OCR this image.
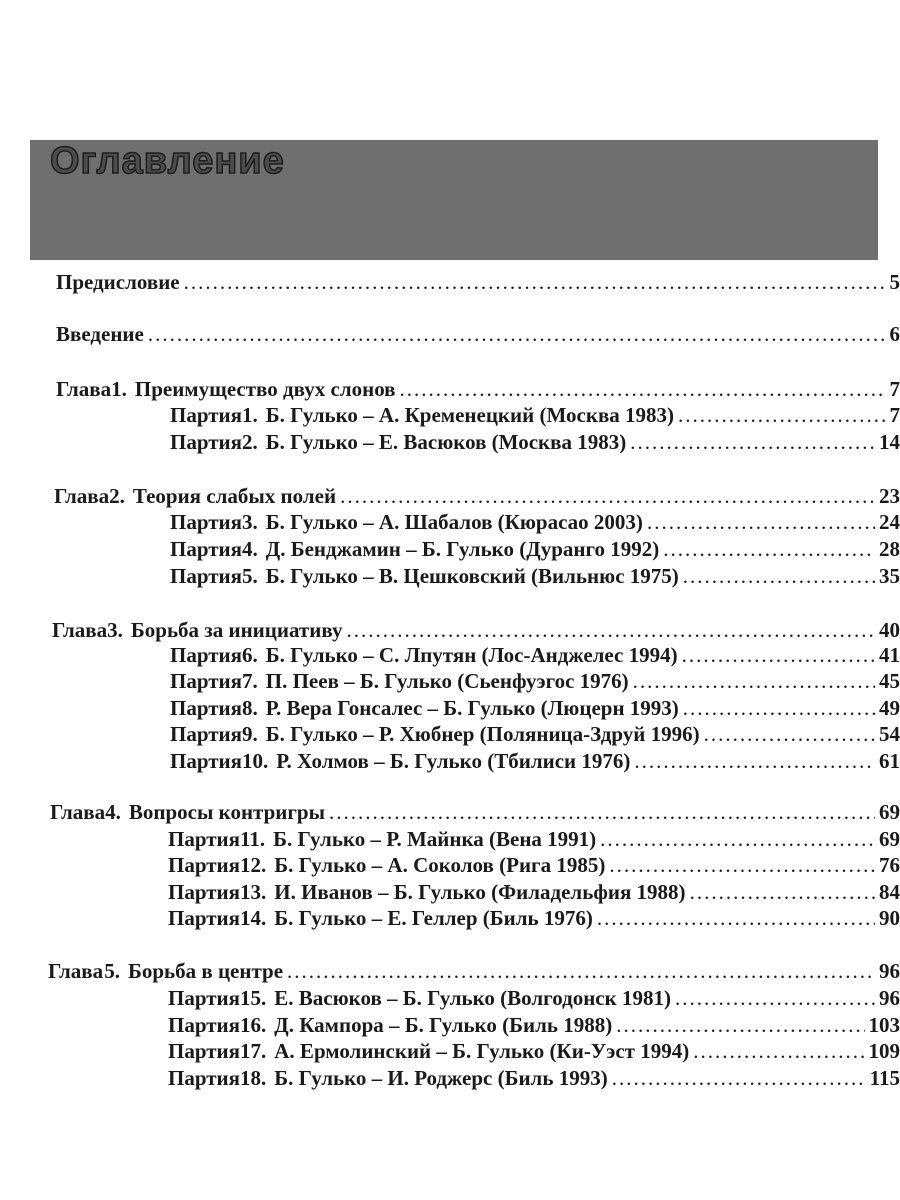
Оглавление
Предисловие .....	5
Введение .....	6
Глава 1. Преимущество двух слонов .....	7
Партия 1. Б. Гулько – А. Кременецкий (Москва 1983) .....	7
Партия 2. Б. Гулько – Е. Васюков (Москва 1983) .....	14
Глава 2. Теория слабых полей .....	23
Партия 3. Б. Гулько – А. Шабалов (Кюрасао 2003) .....	24
Партия 4. Д. Бенджамин – Б. Гулько (Дуранго 1992) .....	28
Партия 5. Б. Гулько – В. Цешковский (Вильнюс 1975) .....	35
Глава 3. Борьба за инициативу .....	40
Партия 6. Б. Гулько – С. Лпутян (Лос-Анджелес 1994) .....	41
Партия 7. П. Пеев – Б. Гулько (Сьенфуэгос 1976) .....	45
Партия 8. Р. Вера Гонсалес – Б. Гулько (Люцерн 1993) .....	49
Партия 9. Б. Гулько – Р. Хюбнер (Поляница-Здруй 1996) .....	54
Партия 10. Р. Холмов – Б. Гулько (Тбилиси 1976) .....	61
Глава 4. Вопросы контригры .....	69
Партия 11. Б. Гулько – Р. Майнка (Вена 1991) .....	69
Партия 12. Б. Гулько – А. Соколов (Рига 1985) .....	76
Партия 13. И. Иванов – Б. Гулько (Филадельфия 1988) .....	84
Партия 14. Б. Гулько – Е. Геллер (Биль 1976) .....	90
Глава 5. Борьба в центре .....	96
Партия 15. Е. Васюков – Б. Гулько (Волгодонск 1981) .....	96
Партия 16. Д. Кампора – Б. Гулько (Биль 1988) .....	103
Партия 17. А. Ермолинский – Б. Гулько (Ки-Уэст 1994) .....	109
Партия 18. Б. Гулько – И. Роджерс (Биль 1993) .....	115
